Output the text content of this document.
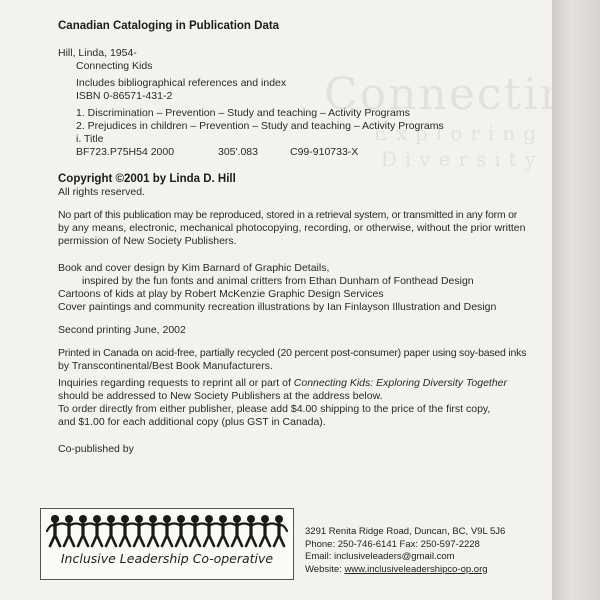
Connecting
Exploring Diversity
Canadian Cataloging in Publication Data
Hill, Linda, 1954-
Connecting Kids
Includes bibliographical references and index
ISBN 0-86571-431-2
1. Discrimination – Prevention – Study and teaching – Activity Programs
2. Prejudices in children – Prevention – Study and teaching – Activity Programs
i. Title
BF723.P75H54 2000	305'.083	C99-910733-X
Copyright ©2001 by Linda D. Hill
All rights reserved.
No part of this publication may be reproduced, stored in a retrieval system, or transmitted in any form or
by any means, electronic, mechanical photocopying, recording, or otherwise, without the prior written
permission of New Society Publishers.
Book and cover design by Kim Barnard of Graphic Details,
inspired by the fun fonts and animal critters from Ethan Dunham of Fonthead Design
Cartoons of kids at play by Robert McKenzie Graphic Design Services
Cover paintings and community recreation illustrations by Ian Finlayson Illustration and Design
Second printing June, 2002
Printed in Canada on acid-free, partially recycled (20 percent post-consumer) paper using soy-based inks
by Transcontinental/Best Book Manufacturers.
Inquiries regarding requests to reprint all or part of Connecting Kids: Exploring Diversity Together
should be addressed to New Society Publishers at the address below.
To order directly from either publisher, please add $4.00 shipping to the price of the first copy,
and $1.00 for each additional copy (plus GST in Canada).
Co-published by
Inclusive Leadership Co-operative
3291 Renita Ridge Road, Duncan, BC, V9L 5J6
Phone: 250-746-6141 Fax: 250-597-2228
Email: inclusiveleaders@gmail.com
Website: www.inclusiveleadershipco-op.org
